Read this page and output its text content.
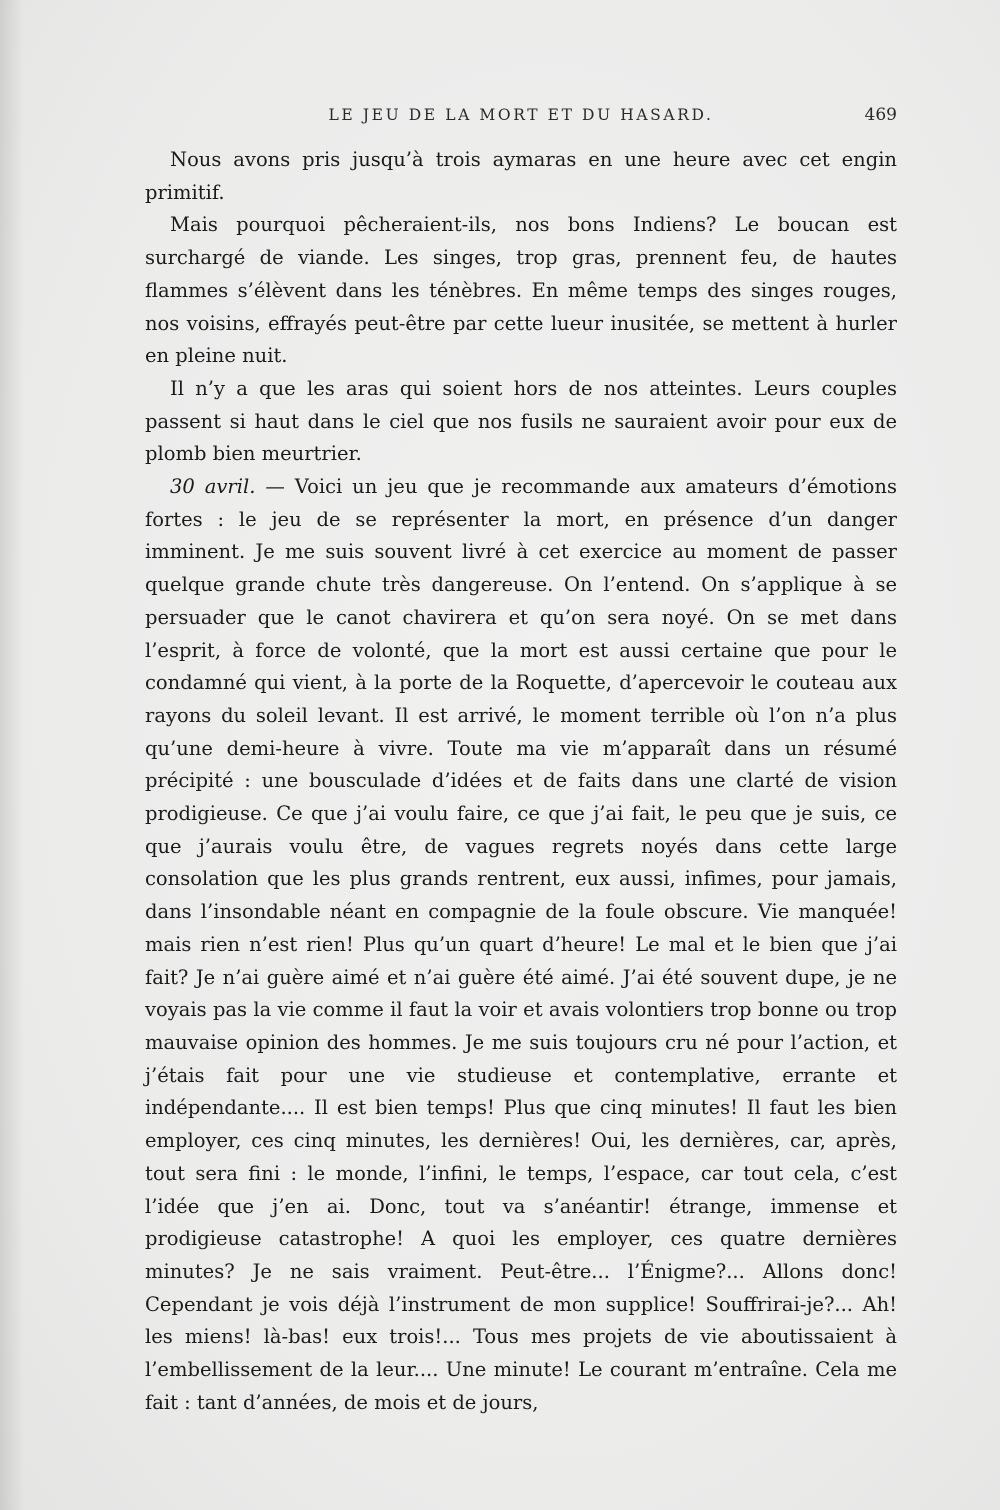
LE JEU DE LA MORT ET DU HASARD.	469

Nous avons pris jusqu’à trois aymaras en une heure avec cet engin primitif.

Mais pourquoi pêcheraient-ils, nos bons Indiens? Le boucan est surchargé de viande. Les singes, trop gras, prennent feu, de hautes flammes s’élèvent dans les ténèbres. En même temps des singes rouges, nos voisins, effrayés peut-être par cette lueur inusitée, se mettent à hurler en pleine nuit.

Il n’y a que les aras qui soient hors de nos atteintes. Leurs couples passent si haut dans le ciel que nos fusils ne sauraient avoir pour eux de plomb bien meurtrier.

30 avril. — Voici un jeu que je recommande aux amateurs d’émotions fortes : le jeu de se représenter la mort, en présence d’un danger imminent. Je me suis souvent livré à cet exercice au moment de passer quelque grande chute très dangereuse. On l’entend. On s’applique à se persuader que le canot chavirera et qu’on sera noyé. On se met dans l’esprit, à force de volonté, que la mort est aussi certaine que pour le condamné qui vient, à la porte de la Roquette, d’apercevoir le couteau aux rayons du soleil levant. Il est arrivé, le moment terrible où l’on n’a plus qu’une demi-heure à vivre. Toute ma vie m’apparaît dans un résumé précipité : une bousculade d’idées et de faits dans une clarté de vision prodigieuse. Ce que j’ai voulu faire, ce que j’ai fait, le peu que je suis, ce que j’aurais voulu être, de vagues regrets noyés dans cette large consolation que les plus grands rentrent, eux aussi, infimes, pour jamais, dans l’insondable néant en compagnie de la foule obscure. Vie manquée! mais rien n’est rien! Plus qu’un quart d’heure! Le mal et le bien que j’ai fait? Je n’ai guère aimé et n’ai guère été aimé. J’ai été souvent dupe, je ne voyais pas la vie comme il faut la voir et avais volontiers trop bonne ou trop mauvaise opinion des hommes. Je me suis toujours cru né pour l’action, et j’étais fait pour une vie studieuse et contemplative, errante et indépendante.... Il est bien temps! Plus que cinq minutes! Il faut les bien employer, ces cinq minutes, les dernières! Oui, les dernières, car, après, tout sera fini : le monde, l’infini, le temps, l’espace, car tout cela, c’est l’idée que j’en ai. Donc, tout va s’anéantir! étrange, immense et prodigieuse catastrophe! A quoi les employer, ces quatre dernières minutes? Je ne sais vraiment. Peut-être... l’Énigme?... Allons donc! Cependant je vois déjà l’instrument de mon supplice! Souffrirai-je?... Ah! les miens! là-bas! eux trois!... Tous mes projets de vie aboutissaient à l’embellissement de la leur.... Une minute! Le courant m’entraîne. Cela me fait : tant d’années, de mois et de jours,
